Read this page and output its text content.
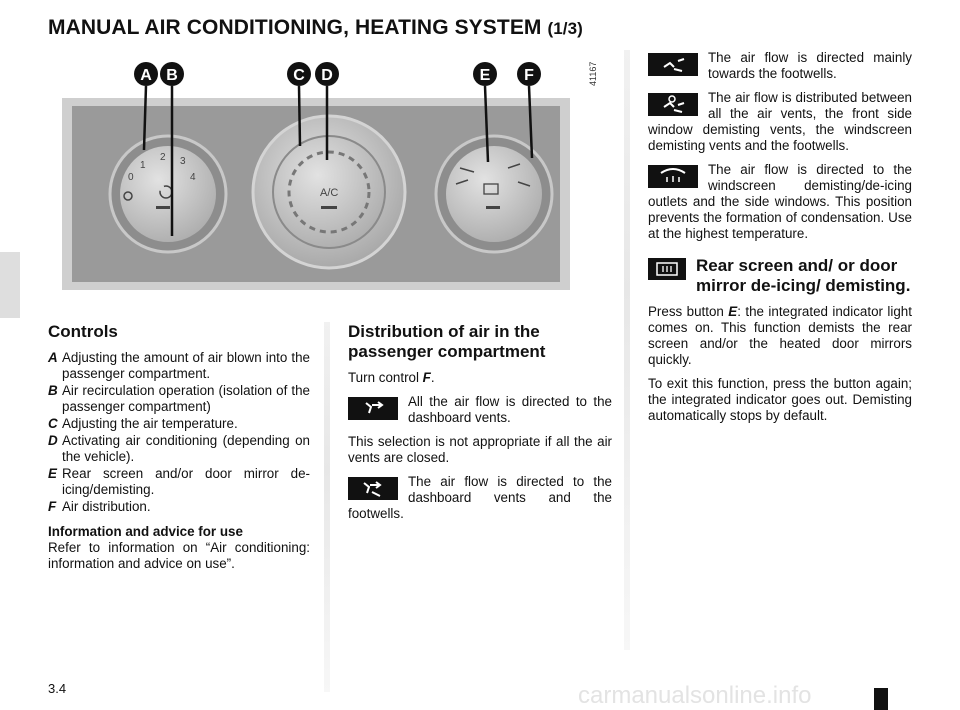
MANUAL AIR CONDITIONING, HEATING SYSTEM (1/3)
0
1
2 3
4
A/C
A B	C D	E F	41167
Controls
A Adjusting the amount of air blown into the passenger compartment.
B Air recirculation operation (isolation of the passenger compartment)
C Adjusting the air temperature.
D Activating air conditioning (depending on the vehicle).
E Rear screen and/or door mirror de-icing/demisting.
F Air distribution.

Information and advice for use

Refer to information on “Air conditioning: information and advice on use”.

Distribution of air in the passenger compartment

Turn control F.

All the air flow is directed to the dashboard vents.

This selection is not appropriate if all the air vents are closed.

The air flow is directed to the dashboard vents and the footwells.
The air flow is directed mainly towards the footwells.
The air flow is distributed between all the air vents, the front side window demisting vents, the windscreen demisting vents and the footwells.
The air flow is directed to the windscreen demisting/de-icing outlets and the side windows. This position prevents the formation of condensation. Use at the highest temperature.
Rear screen and/ or door mirror de-icing/ demisting.

Press button E: the integrated indicator light comes on. This function demists the rear screen and/or the heated door mirrors quickly.

To exit this function, press the button again; the integrated indicator goes out. Demisting automatically stops by default.

3.4	carmanualsonline.info
